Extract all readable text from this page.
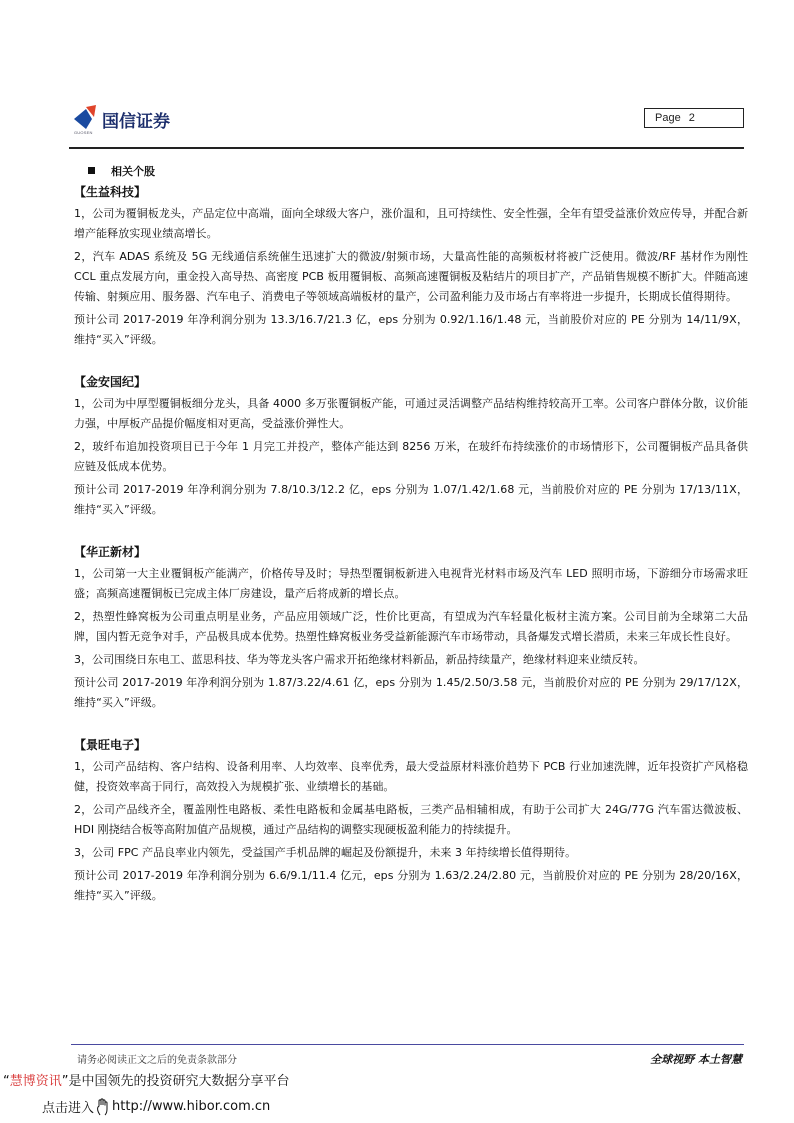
GUOSEN
国信证券	Page 2
相关个股
【生益科技】

1，公司为覆铜板龙头，产品定位中高端，面向全球级大客户，涨价温和，且可持续性、安全性强，全年有望受益涨价效应传导，并配合新增产能释放实现业绩高增长。

2，汽车 ADAS 系统及 5G 无线通信系统催生迅速扩大的微波/射频市场，大量高性能的高频板材将被广泛使用。微波/RF 基材作为刚性 CCL 重点发展方向，重金投入高导热、高密度 PCB 板用覆铜板、高频高速覆铜板及粘结片的项目扩产，产品销售规模不断扩大。伴随高速传输、射频应用、服务器、汽车电子、消费电子等领域高端板材的量产，公司盈利能力及市场占有率将进一步提升，长期成长值得期待。

预计公司 2017-2019 年净利润分别为 13.3/16.7/21.3 亿，eps 分别为 0.92/1.16/1.48 元，当前股价对应的 PE 分别为 14/11/9X，维持“买入”评级。

【金安国纪】

1，公司为中厚型覆铜板细分龙头，具备 4000 多万张覆铜板产能，可通过灵活调整产品结构维持较高开工率。公司客户群体分散，议价能力强，中厚板产品提价幅度相对更高，受益涨价弹性大。

2，玻纤布追加投资项目已于今年 1 月完工并投产，整体产能达到 8256 万米，在玻纤布持续涨价的市场情形下，公司覆铜板产品具备供应链及低成本优势。

预计公司 2017-2019 年净利润分别为 7.8/10.3/12.2 亿，eps 分别为 1.07/1.42/1.68 元，当前股价对应的 PE 分别为 17/13/11X，维持“买入”评级。

【华正新材】

1，公司第一大主业覆铜板产能满产，价格传导及时；导热型覆铜板新进入电视背光材料市场及汽车 LED 照明市场，下游细分市场需求旺盛；高频高速覆铜板已完成主体厂房建设，量产后将成新的增长点。

2，热塑性蜂窝板为公司重点明星业务，产品应用领域广泛，性价比更高，有望成为汽车轻量化板材主流方案。公司目前为全球第二大品牌，国内暂无竞争对手，产品极具成本优势。热塑性蜂窝板业务受益新能源汽车市场带动，具备爆发式增长潜质，未来三年成长性良好。

3，公司围绕日东电工、蓝思科技、华为等龙头客户需求开拓绝缘材料新品，新品持续量产，绝缘材料迎来业绩反转。

预计公司 2017-2019 年净利润分别为 1.87/3.22/4.61 亿，eps 分别为 1.45/2.50/3.58 元，当前股价对应的 PE 分别为 29/17/12X，维持“买入”评级。

【景旺电子】

1，公司产品结构、客户结构、设备利用率、人均效率、良率优秀，最大受益原材料涨价趋势下 PCB 行业加速洗牌，近年投资扩产风格稳健，投资效率高于同行，高效投入为规模扩张、业绩增长的基础。

2，公司产品线齐全，覆盖刚性电路板、柔性电路板和金属基电路板，三类产品相辅相成，有助于公司扩大 24G/77G 汽车雷达微波板、HDI 刚挠结合板等高附加值产品规模，通过产品结构的调整实现硬板盈利能力的持续提升。

3，公司 FPC 产品良率业内领先，受益国产手机品牌的崛起及份额提升，未来 3 年持续增长值得期待。

预计公司 2017-2019 年净利润分别为 6.6/9.1/11.4 亿元，eps 分别为 1.63/2.24/2.80 元，当前股价对应的 PE 分别为 28/20/16X，维持“买入”评级。

请务必阅读正文之后的免责条款部分	全球视野 本土智慧
“慧博资讯”是中国领先的投资研究大数据分享平台
点击进入 http://www.hibor.com.cn
